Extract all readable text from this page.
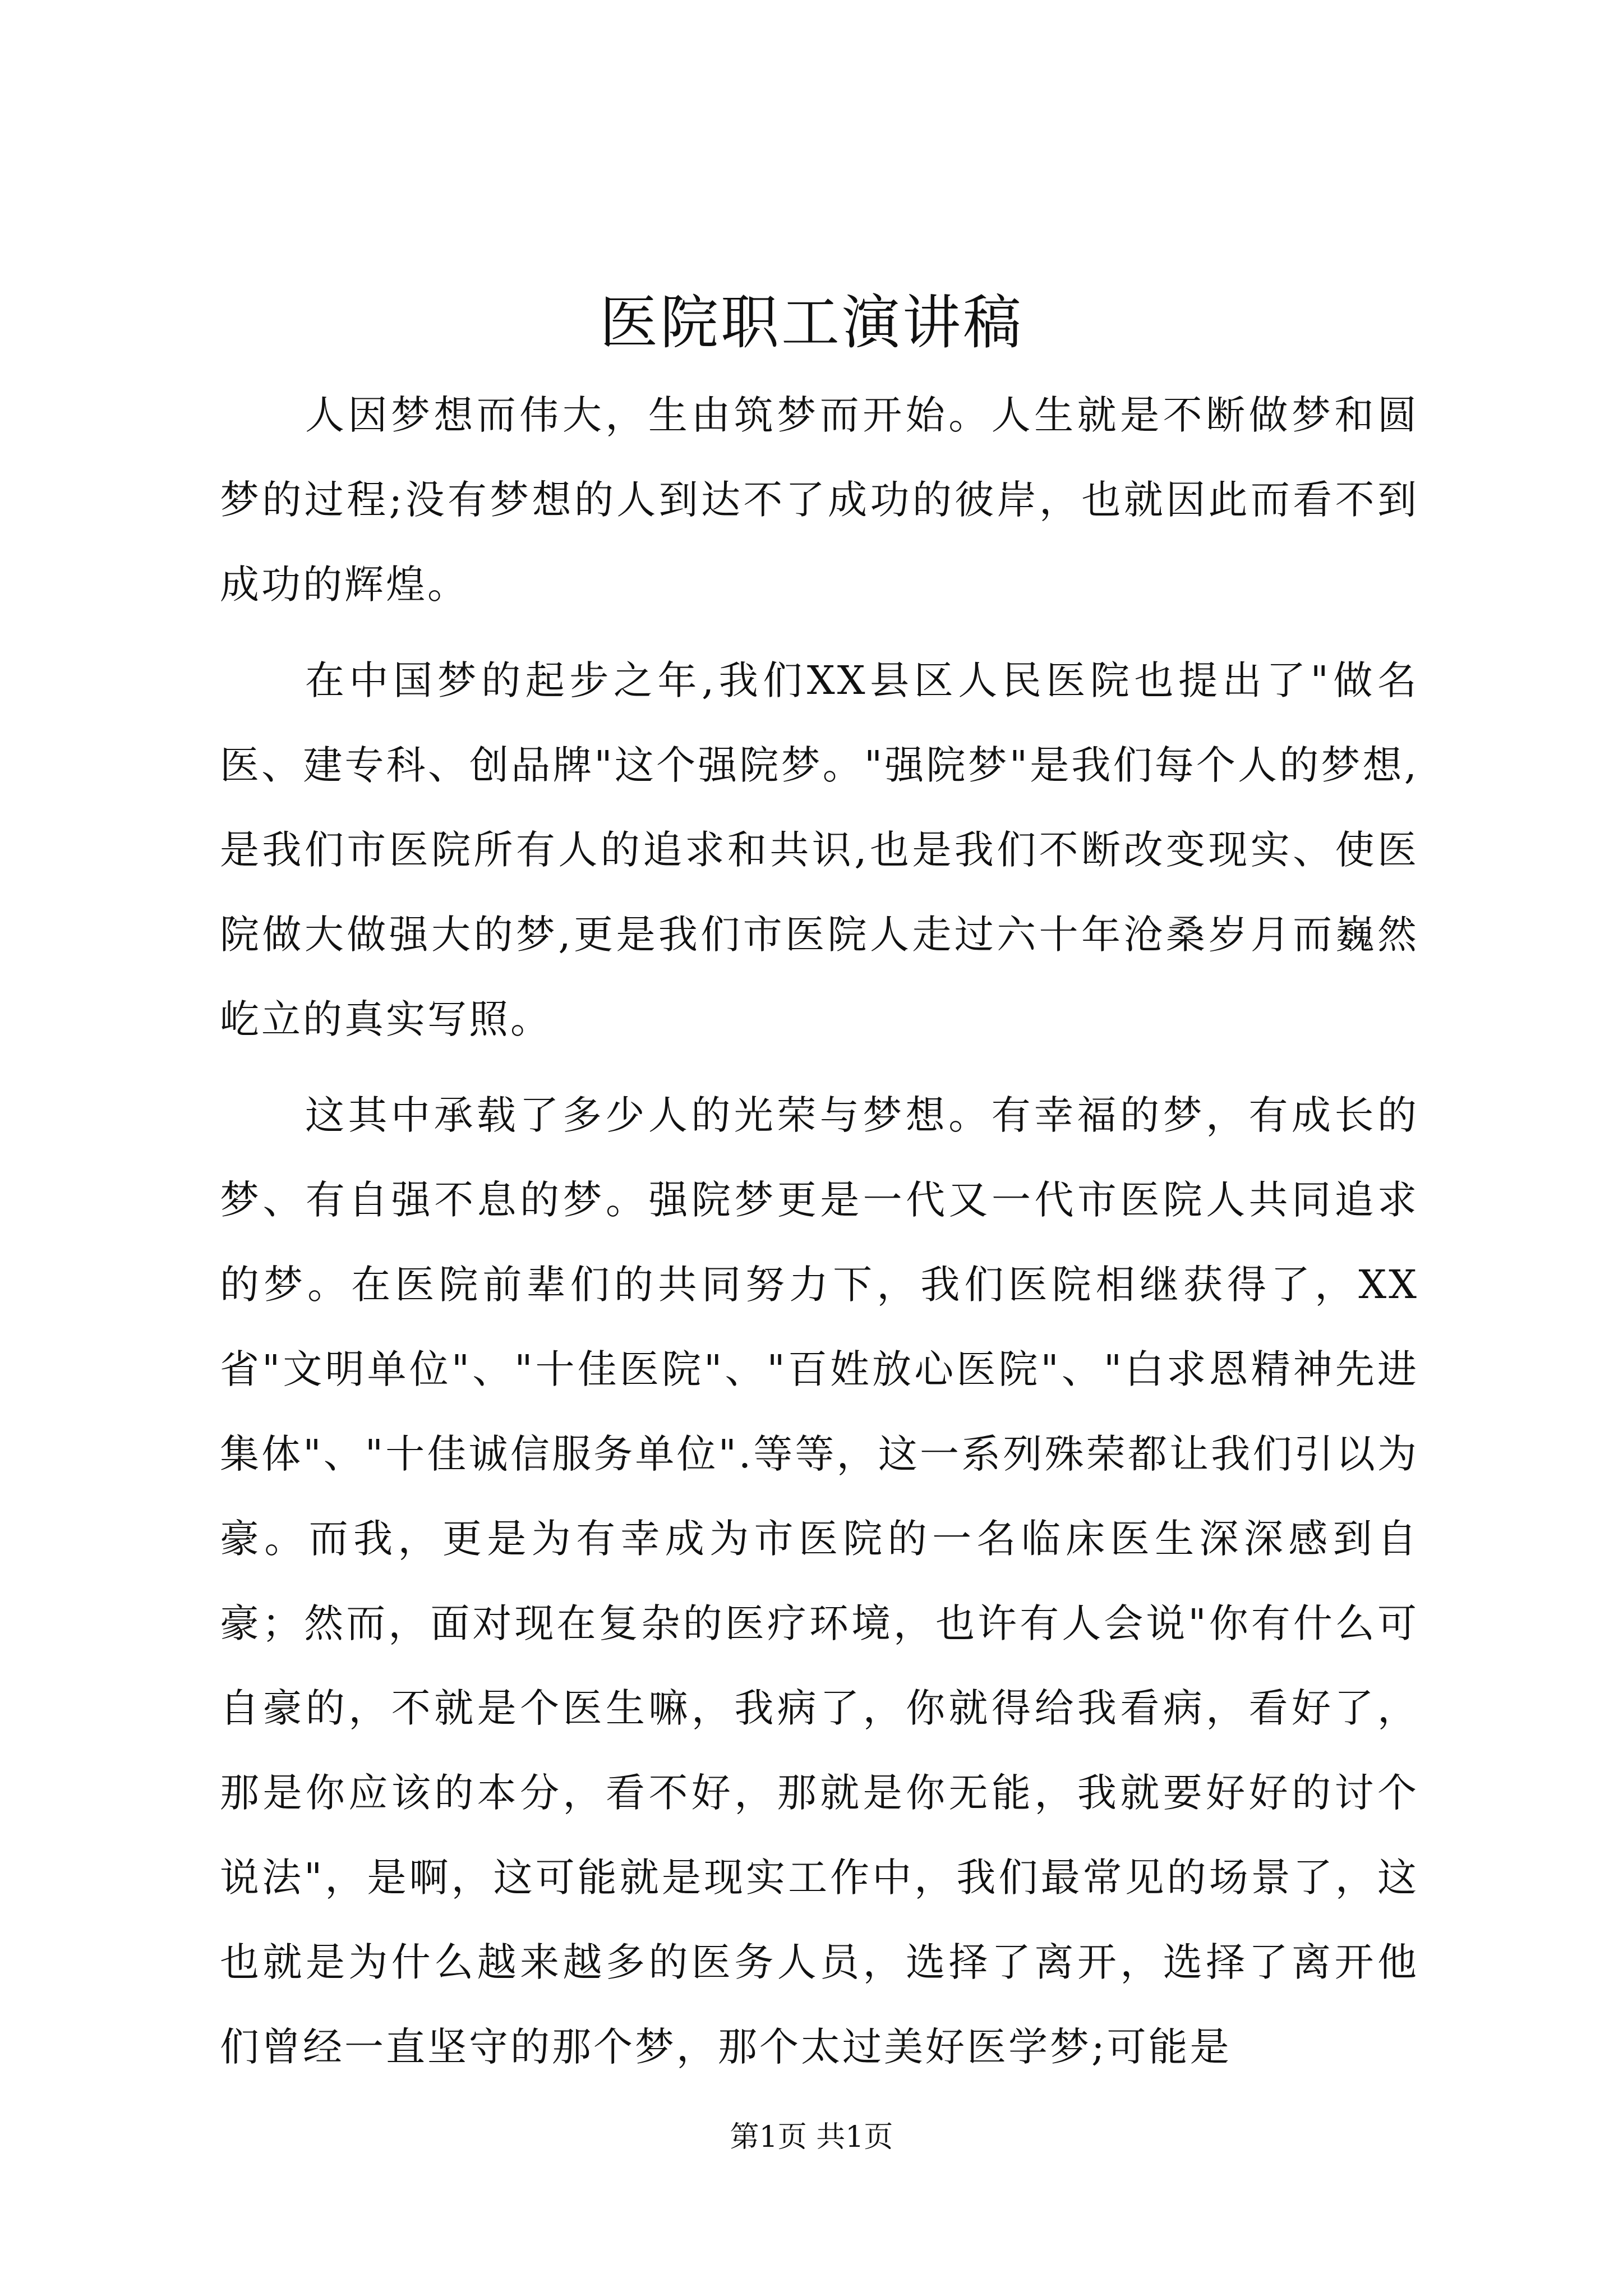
医院职工演讲稿

人因梦想而伟大，生由筑梦而开始。人生就是不断做梦和圆梦的过程;没有梦想的人到达不了成功的彼岸，也就因此而看不到成功的辉煌。

在中国梦的起步之年,我们XX县区人民医院也提出了"做名医、建专科、创品牌"这个强院梦。"强院梦"是我们每个人的梦想,是我们市医院所有人的追求和共识,也是我们不断改变现实、使医院做大做强大的梦,更是我们市医院人走过六十年沧桑岁月而巍然屹立的真实写照。

这其中承载了多少人的光荣与梦想。有幸福的梦，有成长的梦、有自强不息的梦。强院梦更是一代又一代市医院人共同追求的梦。在医院前辈们的共同努力下，我们医院相继获得了，XX省"文明单位"、"十佳医院"、"百姓放心医院"、"白求恩精神先进集体"、"十佳诚信服务单位".等等，这一系列殊荣都让我们引以为豪。而我，更是为有幸成为市医院的一名临床医生深深感到自豪；然而，面对现在复杂的医疗环境，也许有人会说"你有什么可自豪的，不就是个医生嘛，我病了，你就得给我看病，看好了，那是你应该的本分，看不好，那就是你无能，我就要好好的讨个说法"，是啊，这可能就是现实工作中，我们最常见的场景了，这也就是为什么越来越多的医务人员，选择了离开，选择了离开他们曾经一直坚守的那个梦，那个太过美好医学梦;可能是

第1页 共1页
